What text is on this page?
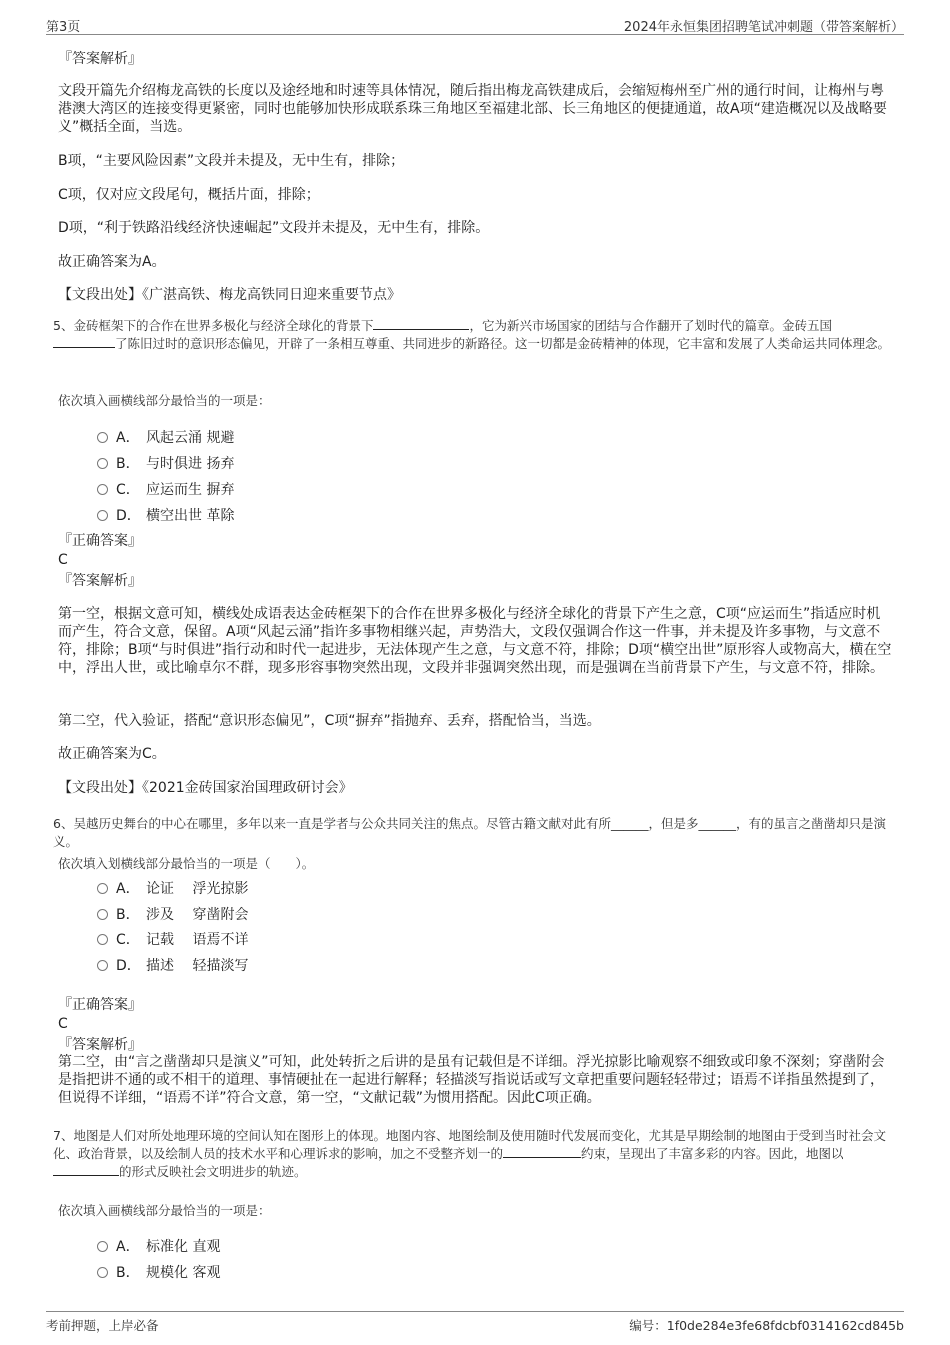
第3页	2024年永恒集团招聘笔试冲刺题（带答案解析）
『答案解析』
文段开篇先介绍梅龙高铁的长度以及途经地和时速等具体情况，随后指出梅龙高铁建成后，会缩短梅州至广州的通行时间，让梅州与粤港澳大湾区的连接变得更紧密，同时也能够加快形成联系珠三角地区至福建北部、长三角地区的便捷通道，故A项“建造概况以及战略要义”概括全面，当选。
B项，“主要风险因素”文段并未提及，无中生有，排除；
C项，仅对应文段尾句，概括片面，排除；
D项，“利于铁路沿线经济快速崛起”文段并未提及，无中生有，排除。
故正确答案为A。
【文段出处】《广湛高铁、梅龙高铁同日迎来重要节点》
5、金砖框架下的合作在世界多极化与经济全球化的背景下	，它为新兴市场国家的团结与合作翻开了划时代的篇章。金砖五国了陈旧过时的意识形态偏见，开辟了一条相互尊重、共同进步的新路径。这一切都是金砖精神的体现，它丰富和发展了人类命运共同体理念。
依次填入画横线部分最恰当的一项是：
A． 风起云涌 规避
B． 与时俱进 扬弃
C． 应运而生 摒弃
D． 横空出世 革除
『正确答案』
C
『答案解析』
第一空，根据文意可知，横线处成语表达金砖框架下的合作在世界多极化与经济全球化的背景下产生之意，C项“应运而生”指适应时机而产生，符合文意，保留。A项“风起云涌”指许多事物相继兴起，声势浩大，文段仅强调合作这一件事，并未提及许多事物，与文意不符，排除；B项“与时俱进”指行动和时代一起进步，无法体现产生之意，与文意不符，排除；D项“横空出世”原形容人或物高大，横在空中，浮出人世，或比喻卓尔不群，现多形容事物突然出现，文段并非强调突然出现，而是强调在当前背景下产生，与文意不符，排除。
第二空，代入验证，搭配“意识形态偏见”，C项“摒弃”指抛弃、丢弃，搭配恰当，当选。
故正确答案为C。
【文段出处】《2021金砖国家治国理政研讨会》
6、吴越历史舞台的中心在哪里，多年以来一直是学者与公众共同关注的焦点。尽管古籍文献对此有所______，但是多______，有的虽言之凿凿却只是演义。
依次填入划横线部分最恰当的一项是（　　）。
A． 论证　 浮光掠影
B． 涉及　 穿凿附会
C． 记载　 语焉不详
D． 描述　 轻描淡写
『正确答案』
C
『答案解析』
第二空，由“言之凿凿却只是演义”可知，此处转折之后讲的是虽有记载但是不详细。浮光掠影比喻观察不细致或印象不深刻；穿凿附会是指把讲不通的或不相干的道理、事情硬扯在一起进行解释；轻描淡写指说话或写文章把重要问题轻轻带过；语焉不详指虽然提到了，但说得不详细，“语焉不详”符合文意，第一空，“文献记载”为惯用搭配。因此C项正确。
7、地图是人们对所处地理环境的空间认知在图形上的体现。地图内容、地图绘制及使用随时代发展而变化，尤其是早期绘制的地图由于受到当时社会文化、政治背景，以及绘制人员的技术水平和心理诉求的影响，加之不受整齐划一的	约束，呈现出了丰富多彩的内容。因此，地图以的形式反映社会文明进步的轨迹。
依次填入画横线部分最恰当的一项是：
A． 标准化 直观
B． 规模化 客观
考前押题，上岸必备	编号：1f0de284e3fe68fdcbf0314162cd845b
